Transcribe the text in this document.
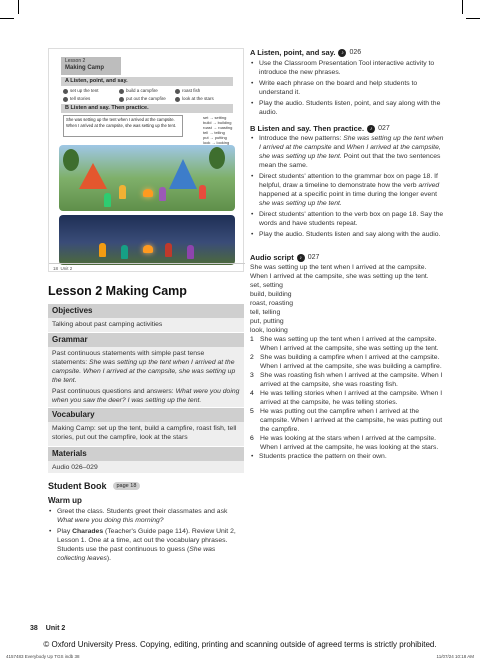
Lesson 2
Making Camp
A Listen, point, and say.
set up the tent	build a campfire	roast fish
tell stories	put out the campfire	look at the stars
B Listen and say. Then practice.
She was setting up the tent when I arrived at the campsite.
When I arrived at the campsite, she was setting up the tent.
set → setting
build → building
roast → roasting
tell → telling
put → putting
look → looking
18 Unit 2
Lesson 2 Making Camp
Objectives

Talking about past camping activities

Grammar

Past continuous statements with simple past tense statements: She was setting up the tent when I arrived at the campsite. When I arrived at the campsite, she was setting up the tent.

Past continuous questions and answers: What were you doing when you saw the deer? I was setting up the tent.

Vocabulary

Making Camp: set up the tent, build a campfire, roast fish, tell stories, put out the campfire, look at the stars

Materials

Audio 026–029

Student Book	page 18
Warm up
• Greet the class. Students greet their classmates and ask What were you doing this morning?
• Play Charades (Teacher's Guide page 114). Review Unit 2, Lesson 1. One at a time, act out the vocabulary phrases. Students use the past continuous to guess (She was collecting leaves).
A Listen, point, and say.	♪ 026
• Use the Classroom Presentation Tool interactive activity to introduce the new phrases.
• Write each phrase on the board and help students to understand it.
• Play the audio. Students listen, point, and say along with the audio.
B Listen and say. Then practice.	♪ 027
• Introduce the new patterns: She was setting up the tent when I arrived at the campsite and When I arrived at the campsite, she was setting up the tent. Point out that the two sentences mean the same.
• Direct students' attention to the grammar box on page 18. If helpful, draw a timeline to demonstrate how the verb arrived happened at a specific point in time during the longer event she was setting up the tent.
• Direct students' attention to the verb box on page 18. Say the words and have students repeat.
• Play the audio. Students listen and say along with the audio.
Audio script	♪ 027
She was setting up the tent when I arrived at the campsite.
When I arrived at the campsite, she was setting up the tent.
set, setting
build, building
roast, roasting
tell, telling
put, putting
look, looking
1 She was setting up the tent when I arrived at the campsite. When I arrived at the campsite, she was setting up the tent.
2 She was building a campfire when I arrived at the campsite. When I arrived at the campsite, she was building a campfire.
3 She was roasting fish when I arrived at the campsite. When I arrived at the campsite, she was roasting fish.
4 He was telling stories when I arrived at the campsite. When I arrived at the campsite, he was telling stories.
5 He was putting out the campfire when I arrived at the campsite. When I arrived at the campsite, he was putting out the campfire.
6 He was looking at the stars when I arrived at the campsite. When I arrived at the campsite, he was looking at the stars.
• Students practice the pattern on their own.
38 Unit 2
© Oxford University Press. Copying, editing, printing and scanning outside of agreed terms is strictly prohibited.
4157483 Everybody Up TGS indb 38	11/07/24 10:18 AM
